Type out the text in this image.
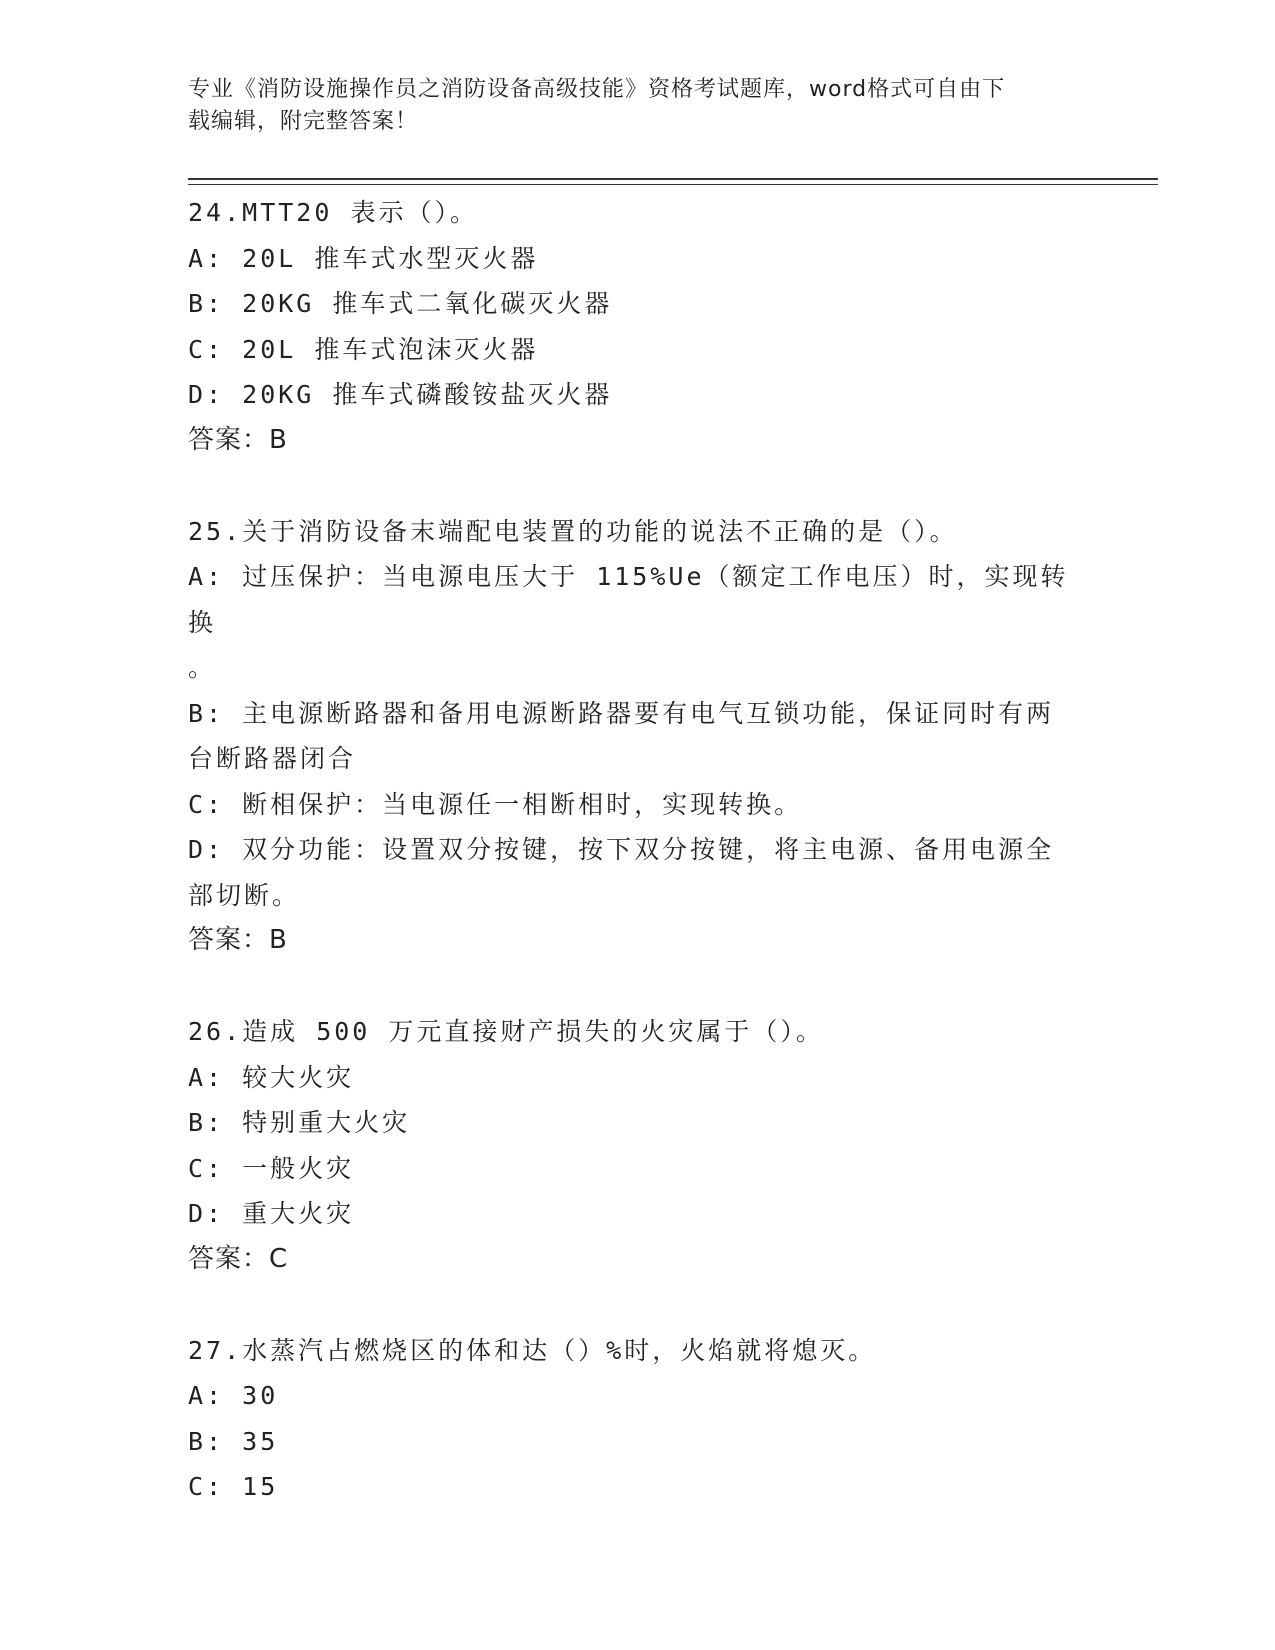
专业《消防设施操作员之消防设备高级技能》资格考试题库，word格式可自由下
载编辑，附完整答案！

24.MTT20 表示（）。

A: 20L 推车式水型灭火器

B: 20KG 推车式二氧化碳灭火器

C: 20L 推车式泡沫灭火器

D: 20KG 推车式磷酸铵盐灭火器

答案：B

25.关于消防设备末端配电装置的功能的说法不正确的是（）。

A: 过压保护：当电源电压大于 115%Ue（额定工作电压）时，实现转换

。

B: 主电源断路器和备用电源断路器要有电气互锁功能，保证同时有两

台断路器闭合

C: 断相保护：当电源任一相断相时，实现转换。

D: 双分功能：设置双分按键，按下双分按键，将主电源、备用电源全

部切断。

答案：B

26.造成 500 万元直接财产损失的火灾属于（）。

A: 较大火灾

B: 特别重大火灾

C: 一般火灾

D: 重大火灾

答案：C

27.水蒸汽占燃烧区的体和达（）%时，火焰就将熄灭。

A: 30

B: 35

C: 15
